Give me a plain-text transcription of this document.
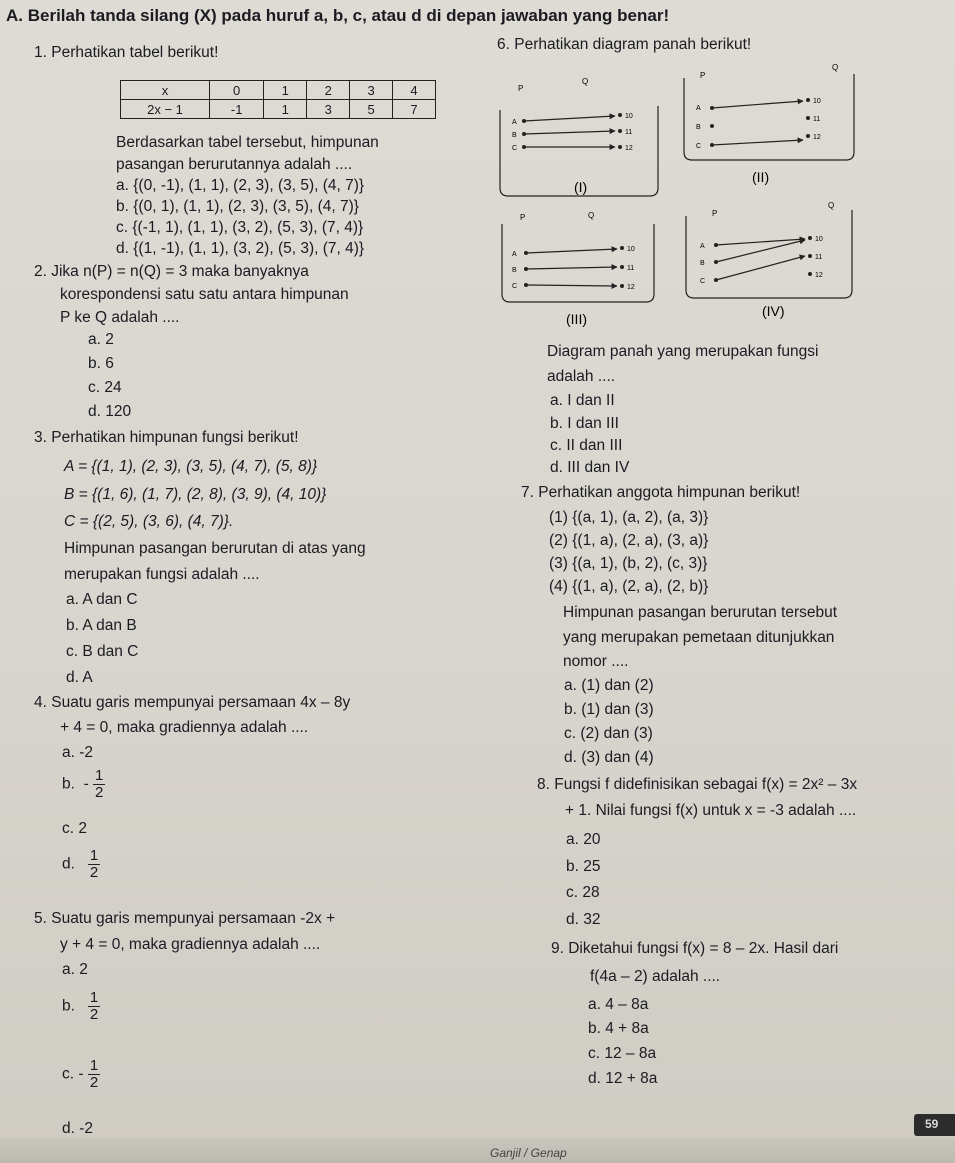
A. Berilah tanda silang (X) pada huruf a, b, c, atau d di depan jawaban yang benar!
1. Perhatikan tabel berikut!
x	0	1	2	3	4
2x − 1	-1	1	3	5	7
Berdasarkan tabel tersebut, himpunan
pasangan berurutannya adalah ....
a. {(0, -1), (1, 1), (2, 3), (3, 5), (4, 7)}
b. {(0, 1), (1, 1), (2, 3), (3, 5), (4, 7)}
c. {(-1, 1), (1, 1), (3, 2), (5, 3), (7, 4)}
d. {(1, -1), (1, 1), (3, 2), (5, 3), (7, 4)}
2. Jika n(P) = n(Q) = 3 maka banyaknya
korespondensi satu satu antara himpunan
P ke Q adalah ....
a. 2
b. 6
c. 24
d. 120
3. Perhatikan himpunan fungsi berikut!
A = {(1, 1), (2, 3), (3, 5), (4, 7), (5, 8)}
B = {(1, 6), (1, 7), (2, 8), (3, 9), (4, 10)}
C = {(2, 5), (3, 6), (4, 7)}.
Himpunan pasangan berurutan di atas yang
merupakan fungsi adalah ....
a. A dan C
b. A dan B
c. B dan C
d. A
4. Suatu garis mempunyai persamaan 4x – 8y
+ 4 = 0, maka gradiennya adalah ....
a. -2
b. - $\frac{1}{2}$
c. 2
d. $\frac{1}{2}$
5. Suatu garis mempunyai persamaan -2x +
y + 4 = 0, maka gradiennya adalah ....
a. 2
b. $\frac{1}{2}$
c. - $\frac{1}{2}$
d. -2
6. Perhatikan diagram panah berikut!
P
Q
A
B
C
10
11
12
(I)
P
Q
A
B
C
10
11
12
(II)
P	Q
A
B
C
10
11
12
(III)
P
Q
A
B
C
10
11
12
(IV)
Diagram panah yang merupakan fungsi
adalah ....
a. I dan II
b. I dan III
c. II dan III
d. III dan IV
7. Perhatikan anggota himpunan berikut!
(1) {(a, 1), (a, 2), (a, 3)}
(2) {(1, a), (2, a), (3, a)}
(3) {(a, 1), (b, 2), (c, 3)}
(4) {(1, a), (2, a), (2, b)}
Himpunan pasangan berurutan tersebut
yang merupakan pemetaan ditunjukkan
nomor ....
a. (1) dan (2)
b. (1) dan (3)
c. (2) dan (3)
d. (3) dan (4)
8. Fungsi f didefinisikan sebagai f(x) = 2x² – 3x
+ 1. Nilai fungsi f(x) untuk x = -3 adalah ....
a. 20
b. 25
c. 28
d. 32
9. Diketahui fungsi f(x) = 8 – 2x. Hasil dari
f(4a – 2) adalah ....
a. 4 – 8a
b. 4 + 8a
c. 12 – 8a
d. 12 + 8a
Ganjil / Genap
59
